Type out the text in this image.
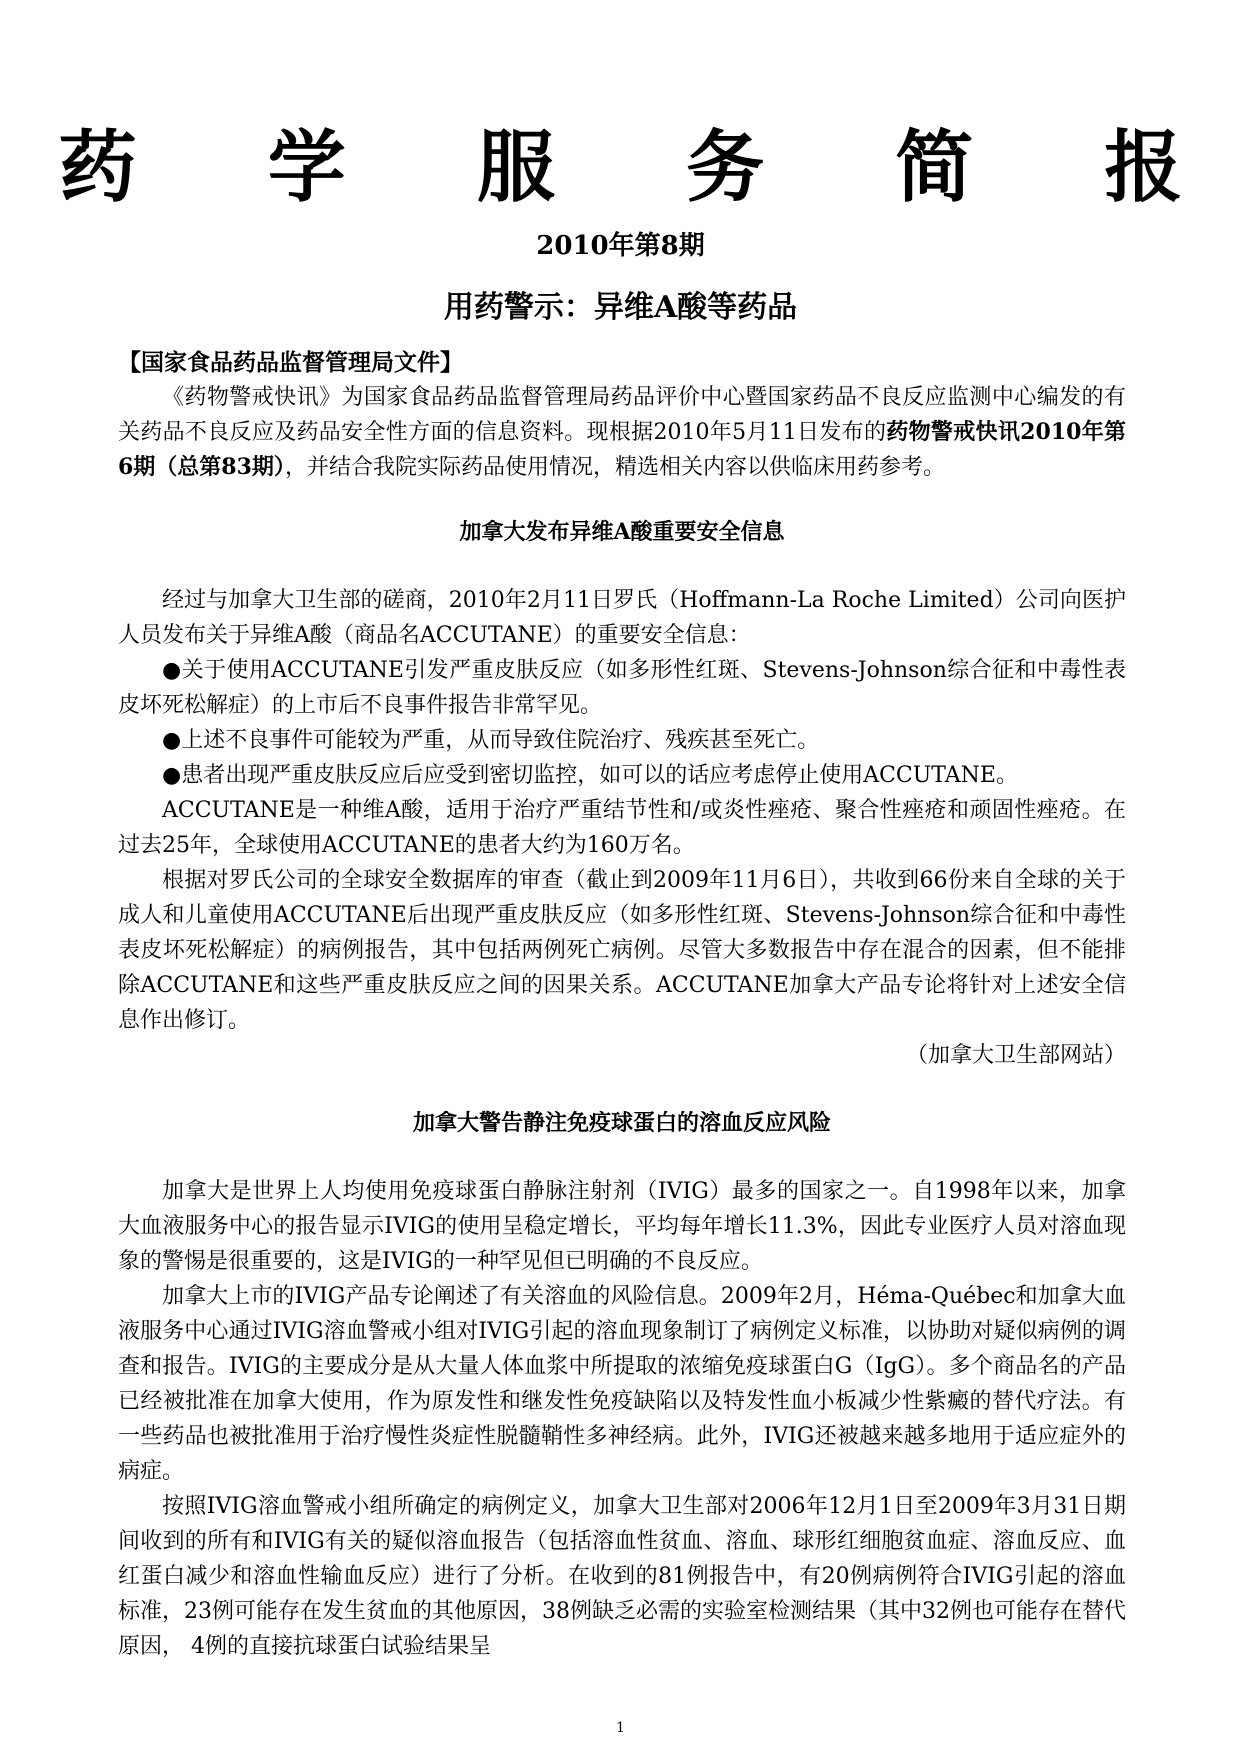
药 学 服 务 简 报
2010年第8期
用药警示：异维A酸等药品

【国家食品药品监督管理局文件】

《药物警戒快讯》为国家食品药品监督管理局药品评价中心暨国家药品不良反应监测中心编发的有关药品不良反应及药品安全性方面的信息资料。现根据2010年5月11日发布的药物警戒快讯2010年第6期（总第83期），并结合我院实际药品使用情况，精选相关内容以供临床用药参考。

加拿大发布异维A酸重要安全信息

经过与加拿大卫生部的磋商，2010年2月11日罗氏（Hoffmann-La Roche Limited）公司向医护人员发布关于异维A酸（商品名ACCUTANE）的重要安全信息：

●关于使用ACCUTANE引发严重皮肤反应（如多形性红斑、Stevens-Johnson综合征和中毒性表皮坏死松解症）的上市后不良事件报告非常罕见。

●上述不良事件可能较为严重，从而导致住院治疗、残疾甚至死亡。

●患者出现严重皮肤反应后应受到密切监控，如可以的话应考虑停止使用ACCUTANE。

ACCUTANE是一种维A酸，适用于治疗严重结节性和/或炎性痤疮、聚合性痤疮和顽固性痤疮。在过去25年，全球使用ACCUTANE的患者大约为160万名。

根据对罗氏公司的全球安全数据库的审查（截止到2009年11月6日），共收到66份来自全球的关于成人和儿童使用ACCUTANE后出现严重皮肤反应（如多形性红斑、Stevens-Johnson综合征和中毒性表皮坏死松解症）的病例报告，其中包括两例死亡病例。尽管大多数报告中存在混合的因素，但不能排除ACCUTANE和这些严重皮肤反应之间的因果关系。ACCUTANE加拿大产品专论将针对上述安全信息作出修订。

（加拿大卫生部网站）

加拿大警告静注免疫球蛋白的溶血反应风险

加拿大是世界上人均使用免疫球蛋白静脉注射剂（IVIG）最多的国家之一。自1998年以来，加拿大血液服务中心的报告显示IVIG的使用呈稳定增长，平均每年增长11.3%，因此专业医疗人员对溶血现象的警惕是很重要的，这是IVIG的一种罕见但已明确的不良反应。

加拿大上市的IVIG产品专论阐述了有关溶血的风险信息。2009年2月，Héma-Québec和加拿大血液服务中心通过IVIG溶血警戒小组对IVIG引起的溶血现象制订了病例定义标准，以协助对疑似病例的调查和报告。IVIG的主要成分是从大量人体血浆中所提取的浓缩免疫球蛋白G（IgG）。多个商品名的产品已经被批准在加拿大使用，作为原发性和继发性免疫缺陷以及特发性血小板减少性紫癜的替代疗法。有一些药品也被批准用于治疗慢性炎症性脱髓鞘性多神经病。此外，IVIG还被越来越多地用于适应症外的病症。

按照IVIG溶血警戒小组所确定的病例定义，加拿大卫生部对2006年12月1日至2009年3月31日期间收到的所有和IVIG有关的疑似溶血报告（包括溶血性贫血、溶血、球形红细胞贫血症、溶血反应、血红蛋白减少和溶血性输血反应）进行了分析。在收到的81例报告中，有20例病例符合IVIG引起的溶血标准，23例可能存在发生贫血的其他原因，38例缺乏必需的实验室检测结果（其中32例也可能存在替代原因， 4例的直接抗球蛋白试验结果呈

1
